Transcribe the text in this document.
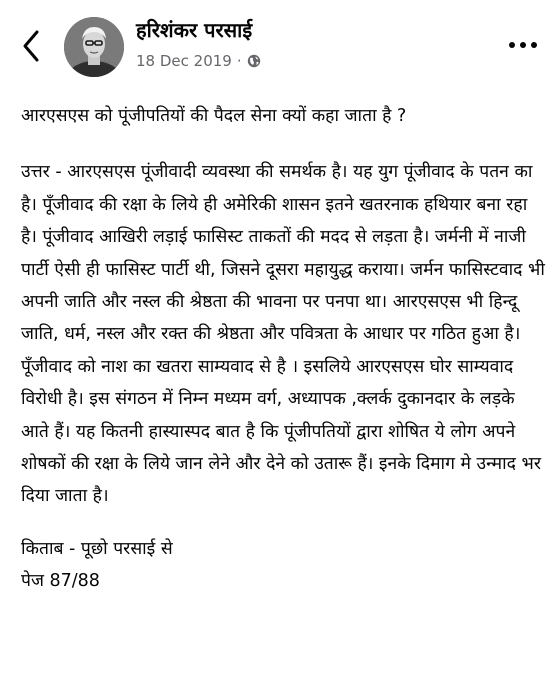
हरिशंकर परसाई
18 Dec 2019 ·

आरएसएस को पूंजीपतियों की पैदल सेना क्यों कहा जाता है ?

उत्तर - आरएसएस पूंजीवादी व्यवस्था की समर्थक है। यह युग पूंजीवाद के पतन का है। पूँजीवाद की रक्षा के लिये ही अमेरिकी शासन इतने खतरनाक हथियार बना रहा है। पूंजीवाद आखिरी लड़ाई फासिस्ट ताकतों की मदद से लड़ता है। जर्मनी में नाजी पार्टी ऐसी ही फासिस्ट पार्टी थी, जिसने दूसरा महायुद्ध कराया। जर्मन फासिस्टवाद भी अपनी जाति और नस्ल की श्रेष्ठता की भावना पर पनपा था। आरएसएस भी हिन्दू जाति, धर्म, नस्ल और रक्त की श्रेष्ठता और पवित्रता के आधार पर गठित हुआ है। पूँजीवाद को नाश का खतरा साम्यवाद से है । इसलिये आरएसएस घोर साम्यवाद विरोधी है। इस संगठन में निम्न मध्यम वर्ग, अध्यापक ,क्लर्क दुकानदार के लड़के आते हैं। यह कितनी हास्यास्पद बात है कि पूंजीपतियों द्वारा शोषित ये लोग अपने शोषकों की रक्षा के लिये जान लेने और देने को उतारू हैं। इनके दिमाग मे उन्माद भर दिया जाता है।

किताब - पूछो परसाई से

पेज 87/88
